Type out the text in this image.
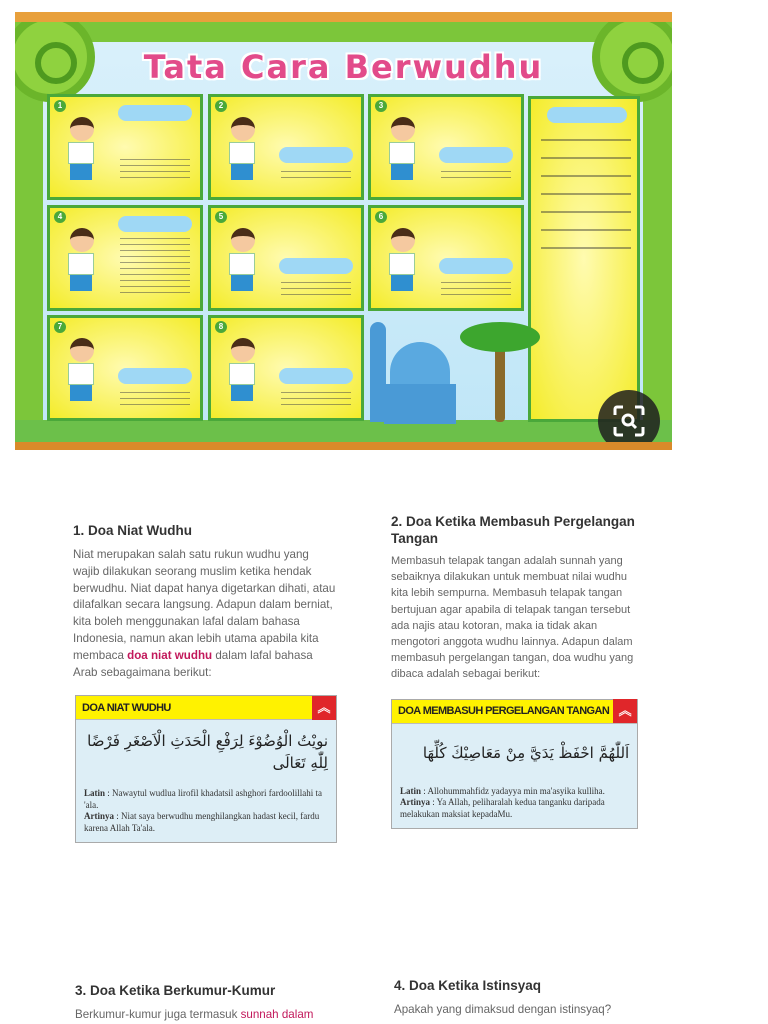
Tata Cara Berwudhu
1	2	3
4	5	6
7	8
1. Doa Niat Wudhu
Niat merupakan salah satu rukun wudhu yang wajib dilakukan seorang muslim ketika hendak berwudhu. Niat dapat hanya digetarkan dihati, atau dilafalkan secara langsung. Adapun dalam berniat, kita boleh menggunakan lafal dalam bahasa Indonesia, namun akan lebih utama apabila kita membaca doa niat wudhu dalam lafal bahasa Arab sebagaimana berikut:
DOA NIAT WUDHU	︽
نويْتُ الْوُضُوْءَ لِرَفْعِ الْحَدَثِ الْاَصْغَرِ فَرْضًا لِلّٰهِ تَعَالَى
Latin : Nawaytul wudlua lirofil khadatsil ashghori fardoolillahi ta 'ala.
Artinya : Niat saya berwudhu menghilangkan hadast kecil, fardu karena Allah Ta'ala.
2. Doa Ketika Membasuh Pergelangan Tangan
Membasuh telapak tangan adalah sunnah yang sebaiknya dilakukan untuk membuat nilai wudhu kita lebih sempurna. Membasuh telapak tangan bertujuan agar apabila di telapak tangan tersebut ada najis atau kotoran, maka ia tidak akan mengotori anggota wudhu lainnya. Adapun dalam membasuh pergelangan tangan, doa wudhu yang dibaca adalah sebagai berikut:
DOA MEMBASUH PERGELANGAN TANGAN ︽
اَللّٰهُمَّ احْفَظْ يَدَيَّ مِنْ مَعَاصِيْكَ كُلِّهَا
Latin : Allohummahfidz yadayya min ma'asyika kulliha.
Artinya : Ya Allah, peliharalah kedua tanganku daripada melakukan maksiat kepadaMu.
3. Doa Ketika Berkumur-Kumur
Berkumur-kumur juga termasuk sunnah dalam
4. Doa Ketika Istinsyaq
Apakah yang dimaksud dengan istinsyaq?
